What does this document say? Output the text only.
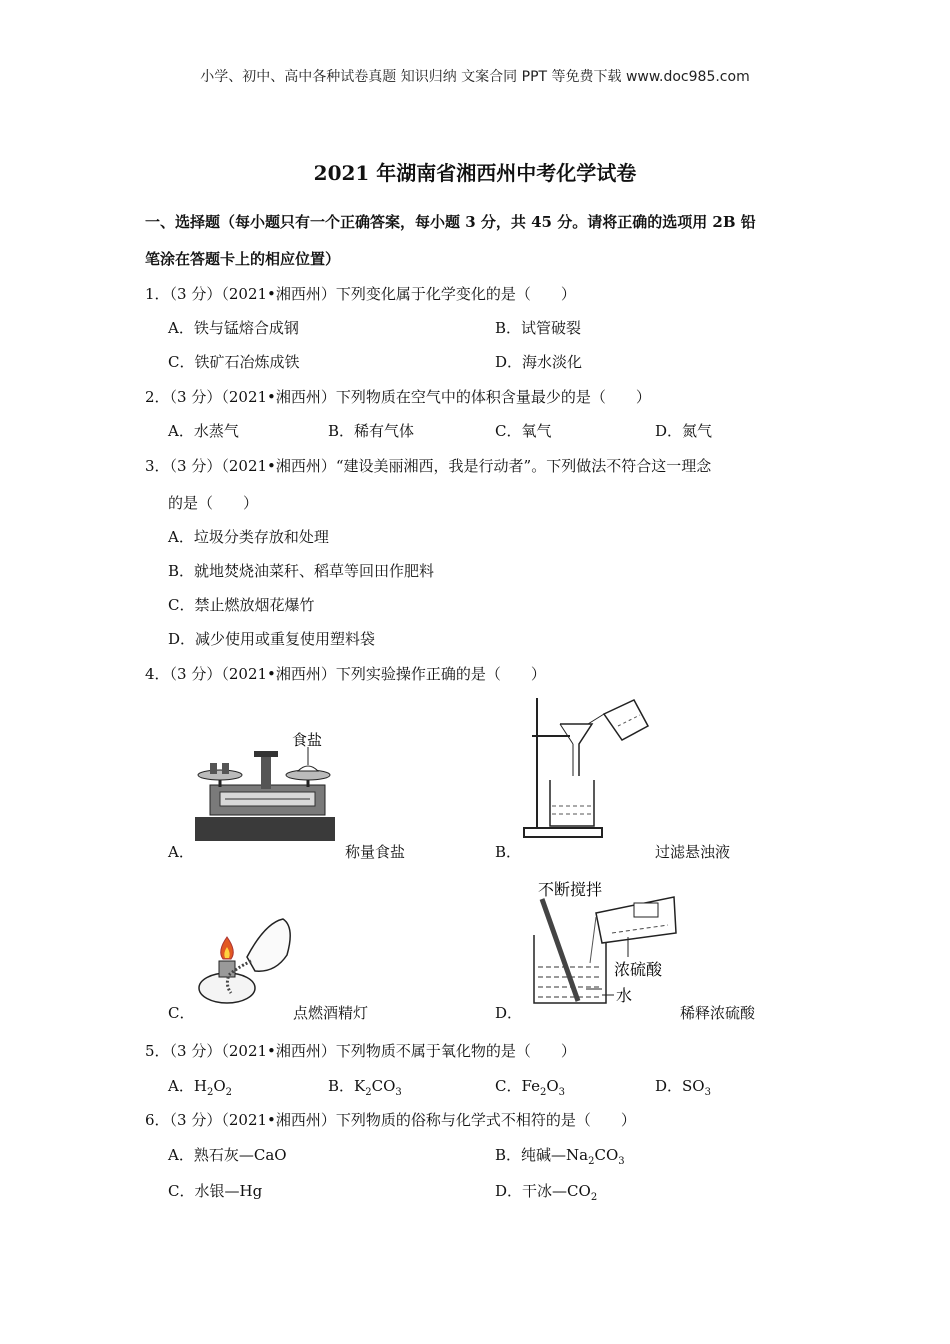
小学、初中、高中各种试卷真题 知识归纳 文案合同 PPT 等免费下载 www.doc985.com
2021 年湖南省湘西州中考化学试卷
一、选择题（每小题只有一个正确答案，每小题 3 分，共 45 分。请将正确的选项用 2B 铅
笔涂在答题卡上的相应位置）
1．（3 分）（2021•湘西州）下列变化属于化学变化的是（　　）
A．铁与锰熔合成钢	B．试管破裂
C．铁矿石冶炼成铁	D．海水淡化
2．（3 分）（2021•湘西州）下列物质在空气中的体积含量最少的是（　　）
A．水蒸气	B．稀有气体	C．氧气	D．氮气
3．（3 分）（2021•湘西州）“建设美丽湘西，我是行动者”。下列做法不符合这一理念
的是（　　）
A．垃圾分类存放和处理
B．就地焚烧油菜秆、稻草等回田作肥料
C．禁止燃放烟花爆竹
D．减少使用或重复使用塑料袋
4．（3 分）（2021•湘西州）下列实验操作正确的是（　　）
食盐
A．	称量食盐	B．	过滤悬浊液
C．	点燃酒精灯
不断搅拌
浓硫酸
水
D．	稀释浓硫酸
5．（3 分）（2021•湘西州）下列物质不属于氧化物的是（　　）
A．$H_2O_2$	B．$K_2CO_3$	C．$Fe_2O_3$	D．$SO_3$
6．（3 分）（2021•湘西州）下列物质的俗称与化学式不相符的是（　　）
A．熟石灰—CaO	B．纯碱$—Na_2CO_3$
C．水银—Hg	D．干冰$—CO_2$
